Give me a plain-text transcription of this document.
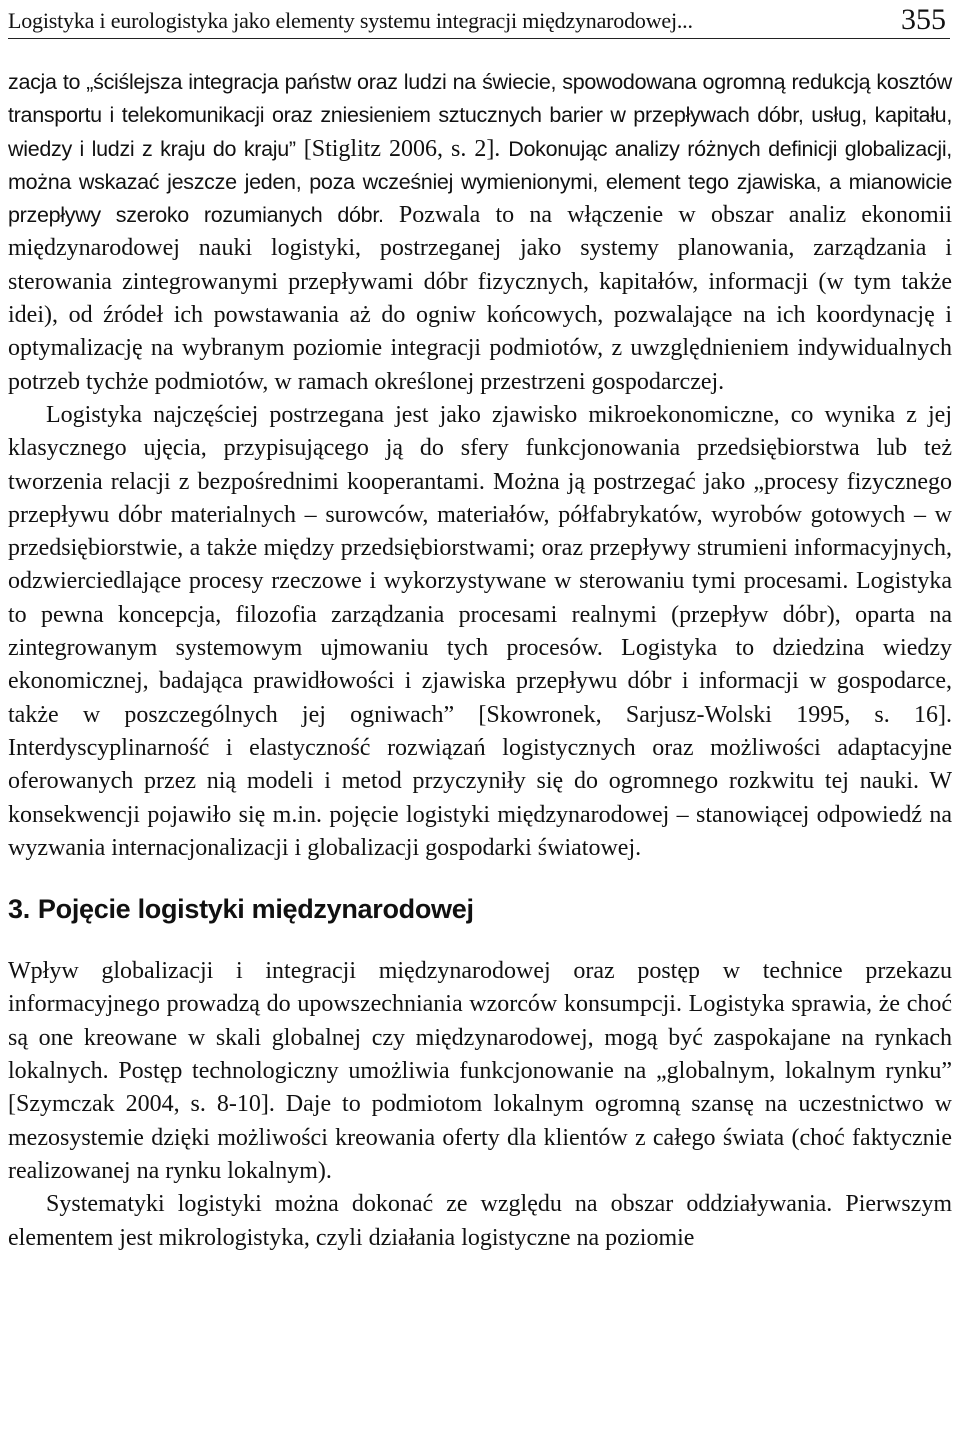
Logistyka i eurologistyka jako elementy systemu integracji międzynarodowej...	355

zacja to „ściślejsza integracja państw oraz ludzi na świecie, spowodowana ogromną redukcją kosztów transportu i telekomunikacji oraz zniesieniem sztucznych barier w przepływach dóbr, usług, kapitału, wiedzy i ludzi z kraju do kraju” [Stiglitz 2006, s. 2]. Dokonując analizy różnych definicji globalizacji, można wskazać jeszcze jeden, poza wcześniej wymienionymi, element tego zjawiska, a mianowicie przepływy szeroko rozumianych dóbr. Pozwala to na włączenie w obszar analiz ekonomii międzynarodowej nauki logistyki, postrzeganej jako systemy planowania, zarządzania i sterowania zintegrowanymi przepływami dóbr fizycznych, kapitałów, informacji (w tym także idei), od źródeł ich powstawania aż do ogniw końcowych, pozwalające na ich koordynację i optymalizację na wybranym poziomie integracji podmiotów, z uwzględnieniem indywidualnych potrzeb tychże podmiotów, w ramach określonej przestrzeni gospodarczej.

Logistyka najczęściej postrzegana jest jako zjawisko mikroekonomiczne, co wynika z jej klasycznego ujęcia, przypisującego ją do sfery funkcjonowania przedsiębiorstwa lub też tworzenia relacji z bezpośrednimi kooperantami. Można ją postrzegać jako „procesy fizycznego przepływu dóbr materialnych – surowców, materiałów, półfabrykatów, wyrobów gotowych – w przedsiębiorstwie, a także między przedsiębiorstwami; oraz przepływy strumieni informacyjnych, odzwierciedlające procesy rzeczowe i wykorzystywane w sterowaniu tymi procesami. Logistyka to pewna koncepcja, filozofia zarządzania procesami realnymi (przepływ dóbr), oparta na zintegrowanym systemowym ujmowaniu tych procesów. Logistyka to dziedzina wiedzy ekonomicznej, badająca prawidłowości i zjawiska przepływu dóbr i informacji w gospodarce, także w poszczególnych jej ogniwach” [Skowronek, Sarjusz-Wolski 1995, s. 16]. Interdyscyplinarność i elastyczność rozwiązań logistycznych oraz możliwości adaptacyjne oferowanych przez nią modeli i metod przyczyniły się do ogromnego rozkwitu tej nauki. W konsekwencji pojawiło się m.in. pojęcie logistyki międzynarodowej – stanowiącej odpowiedź na wyzwania internacjonalizacji i globalizacji gospodarki światowej.

3. Pojęcie logistyki międzynarodowej

Wpływ globalizacji i integracji międzynarodowej oraz postęp w technice przekazu informacyjnego prowadzą do upowszechniania wzorców konsumpcji. Logistyka sprawia, że choć są one kreowane w skali globalnej czy międzynarodowej, mogą być zaspokajane na rynkach lokalnych. Postęp technologiczny umożliwia funkcjonowanie na „globalnym, lokalnym rynku” [Szymczak 2004, s. 8-10]. Daje to podmiotom lokalnym ogromną szansę na uczestnictwo w mezosystemie dzięki możliwości kreowania oferty dla klientów z całego świata (choć faktycznie realizowanej na rynku lokalnym).

Systematyki logistyki można dokonać ze względu na obszar oddziaływania. Pierwszym elementem jest mikrologistyka, czyli działania logistyczne na poziomie
